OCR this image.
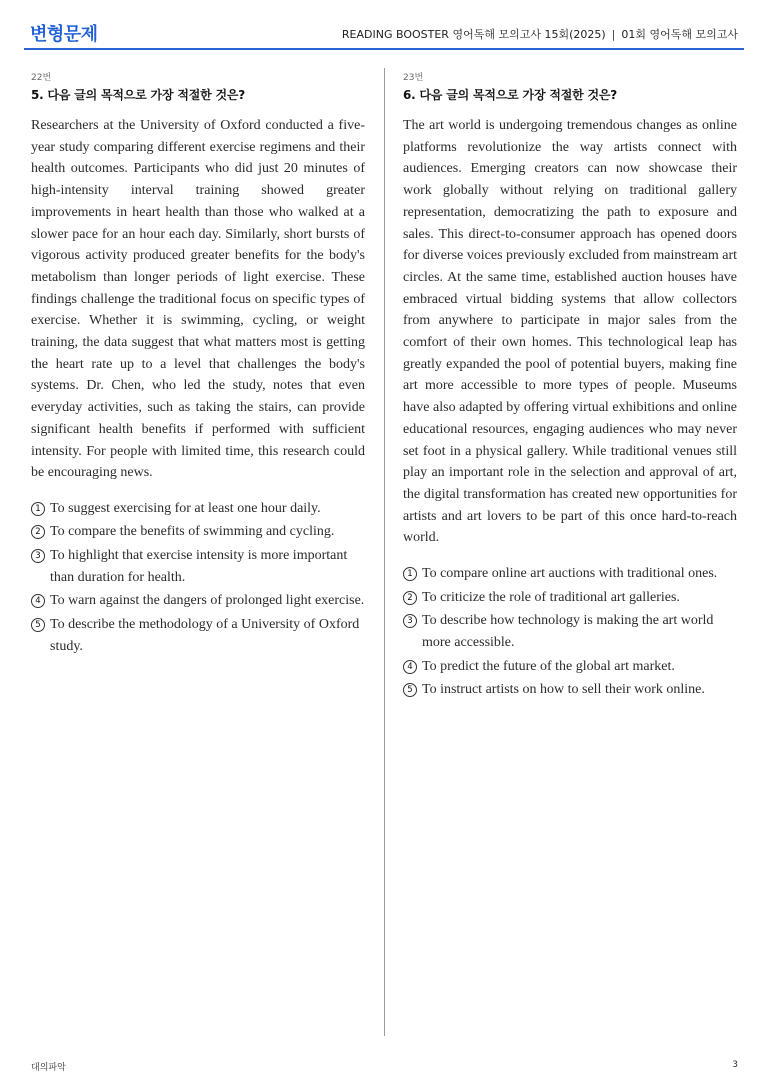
변형문제	READING BOOSTER 영어독해 모의고사 15회(2025) | 01회 영어독해 모의고사
22번
5. 다음 글의 목적으로 가장 적절한 것은?
Researchers at the University of Oxford conducted a five-year study comparing different exercise regimens and their health outcomes. Participants who did just 20 minutes of high-intensity interval training showed greater improvements in heart health than those who walked at a slower pace for an hour each day. Similarly, short bursts of vigorous activity produced greater benefits for the body's metabolism than longer periods of light exercise. These findings challenge the traditional focus on specific types of exercise. Whether it is swimming, cycling, or weight training, the data suggest that what matters most is getting the heart rate up to a level that challenges the body's systems. Dr. Chen, who led the study, notes that even everyday activities, such as taking the stairs, can provide significant health benefits if performed with sufficient intensity. For people with limited time, this research could be encouraging news.
1 To suggest exercising for at least one hour daily.
2 To compare the benefits of swimming and cycling.
3 To highlight that exercise intensity is more important than duration for health.
4 To warn against the dangers of prolonged light exercise.
5 To describe the methodology of a University of Oxford study.
23번
6. 다음 글의 목적으로 가장 적절한 것은?
The art world is undergoing tremendous changes as online platforms revolutionize the way artists connect with audiences. Emerging creators can now showcase their work globally without relying on traditional gallery representation, democratizing the path to exposure and sales. This direct-to-consumer approach has opened doors for diverse voices previously excluded from mainstream art circles. At the same time, established auction houses have embraced virtual bidding systems that allow collectors from anywhere to participate in major sales from the comfort of their own homes. This technological leap has greatly expanded the pool of potential buyers, making fine art more accessible to more types of people. Museums have also adapted by offering virtual exhibitions and online educational resources, engaging audiences who may never set foot in a physical gallery. While traditional venues still play an important role in the selection and approval of art, the digital transformation has created new opportunities for artists and art lovers to be part of this once hard-to-reach world.
1 To compare online art auctions with traditional ones.
2 To criticize the role of traditional art galleries.
3 To describe how technology is making the art world more accessible.
4 To predict the future of the global art market.
5 To instruct artists on how to sell their work online.
대의파악	3
